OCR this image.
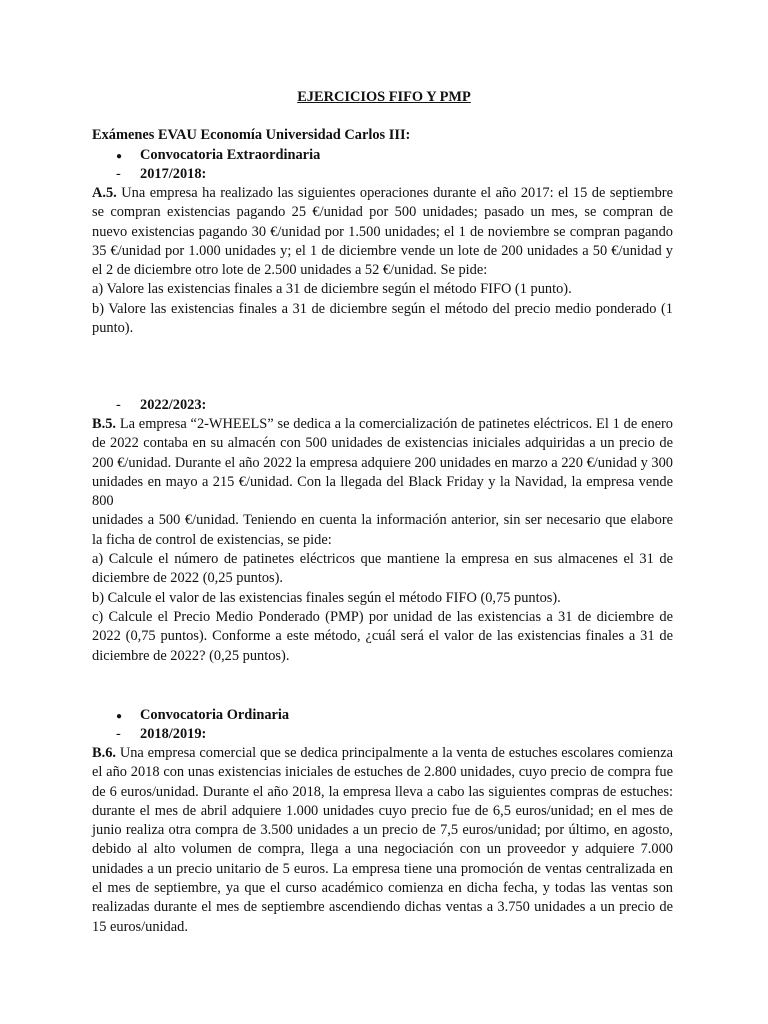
EJERCICIOS FIFO Y PMP

Exámenes EVAU Economía Universidad Carlos III:

● Convocatoria Extraordinaria
- 2017/2018:

A.5. Una empresa ha realizado las siguientes operaciones durante el año 2017: el 15 de septiembre se compran existencias pagando 25 €/unidad por 500 unidades; pasado un mes, se compran de nuevo existencias pagando 30 €/unidad por 1.500 unidades; el 1 de noviembre se compran pagando 35 €/unidad por 1.000 unidades y; el 1 de diciembre vende un lote de 200 unidades a 50 €/unidad y el 2 de diciembre otro lote de 2.500 unidades a 52 €/unidad. Se pide:

a) Valore las existencias finales a 31 de diciembre según el método FIFO (1 punto).

b) Valore las existencias finales a 31 de diciembre según el método del precio medio ponderado (1 punto).

- 2022/2023:

B.5. La empresa “2-WHEELS” se dedica a la comercialización de patinetes eléctricos. El 1 de enero de 2022 contaba en su almacén con 500 unidades de existencias iniciales adquiridas a un precio de 200 €/unidad. Durante el año 2022 la empresa adquiere 200 unidades en marzo a 220 €/unidad y 300 unidades en mayo a 215 €/unidad. Con la llegada del Black Friday y la Navidad, la empresa vende 800

unidades a 500 €/unidad. Teniendo en cuenta la información anterior, sin ser necesario que elabore la ficha de control de existencias, se pide:

a) Calcule el número de patinetes eléctricos que mantiene la empresa en sus almacenes el 31 de diciembre de 2022 (0,25 puntos).

b) Calcule el valor de las existencias finales según el método FIFO (0,75 puntos).

c) Calcule el Precio Medio Ponderado (PMP) por unidad de las existencias a 31 de diciembre de 2022 (0,75 puntos). Conforme a este método, ¿cuál será el valor de las existencias finales a 31 de diciembre de 2022? (0,25 puntos).

● Convocatoria Ordinaria
- 2018/2019:

B.6. Una empresa comercial que se dedica principalmente a la venta de estuches escolares comienza el año 2018 con unas existencias iniciales de estuches de 2.800 unidades, cuyo precio de compra fue de 6 euros/unidad. Durante el año 2018, la empresa lleva a cabo las siguientes compras de estuches: durante el mes de abril adquiere 1.000 unidades cuyo precio fue de 6,5 euros/unidad; en el mes de junio realiza otra compra de 3.500 unidades a un precio de 7,5 euros/unidad; por último, en agosto, debido al alto volumen de compra, llega a una negociación con un proveedor y adquiere 7.000 unidades a un precio unitario de 5 euros. La empresa tiene una promoción de ventas centralizada en el mes de septiembre, ya que el curso académico comienza en dicha fecha, y todas las ventas son realizadas durante el mes de septiembre ascendiendo dichas ventas a 3.750 unidades a un precio de 15 euros/unidad.
